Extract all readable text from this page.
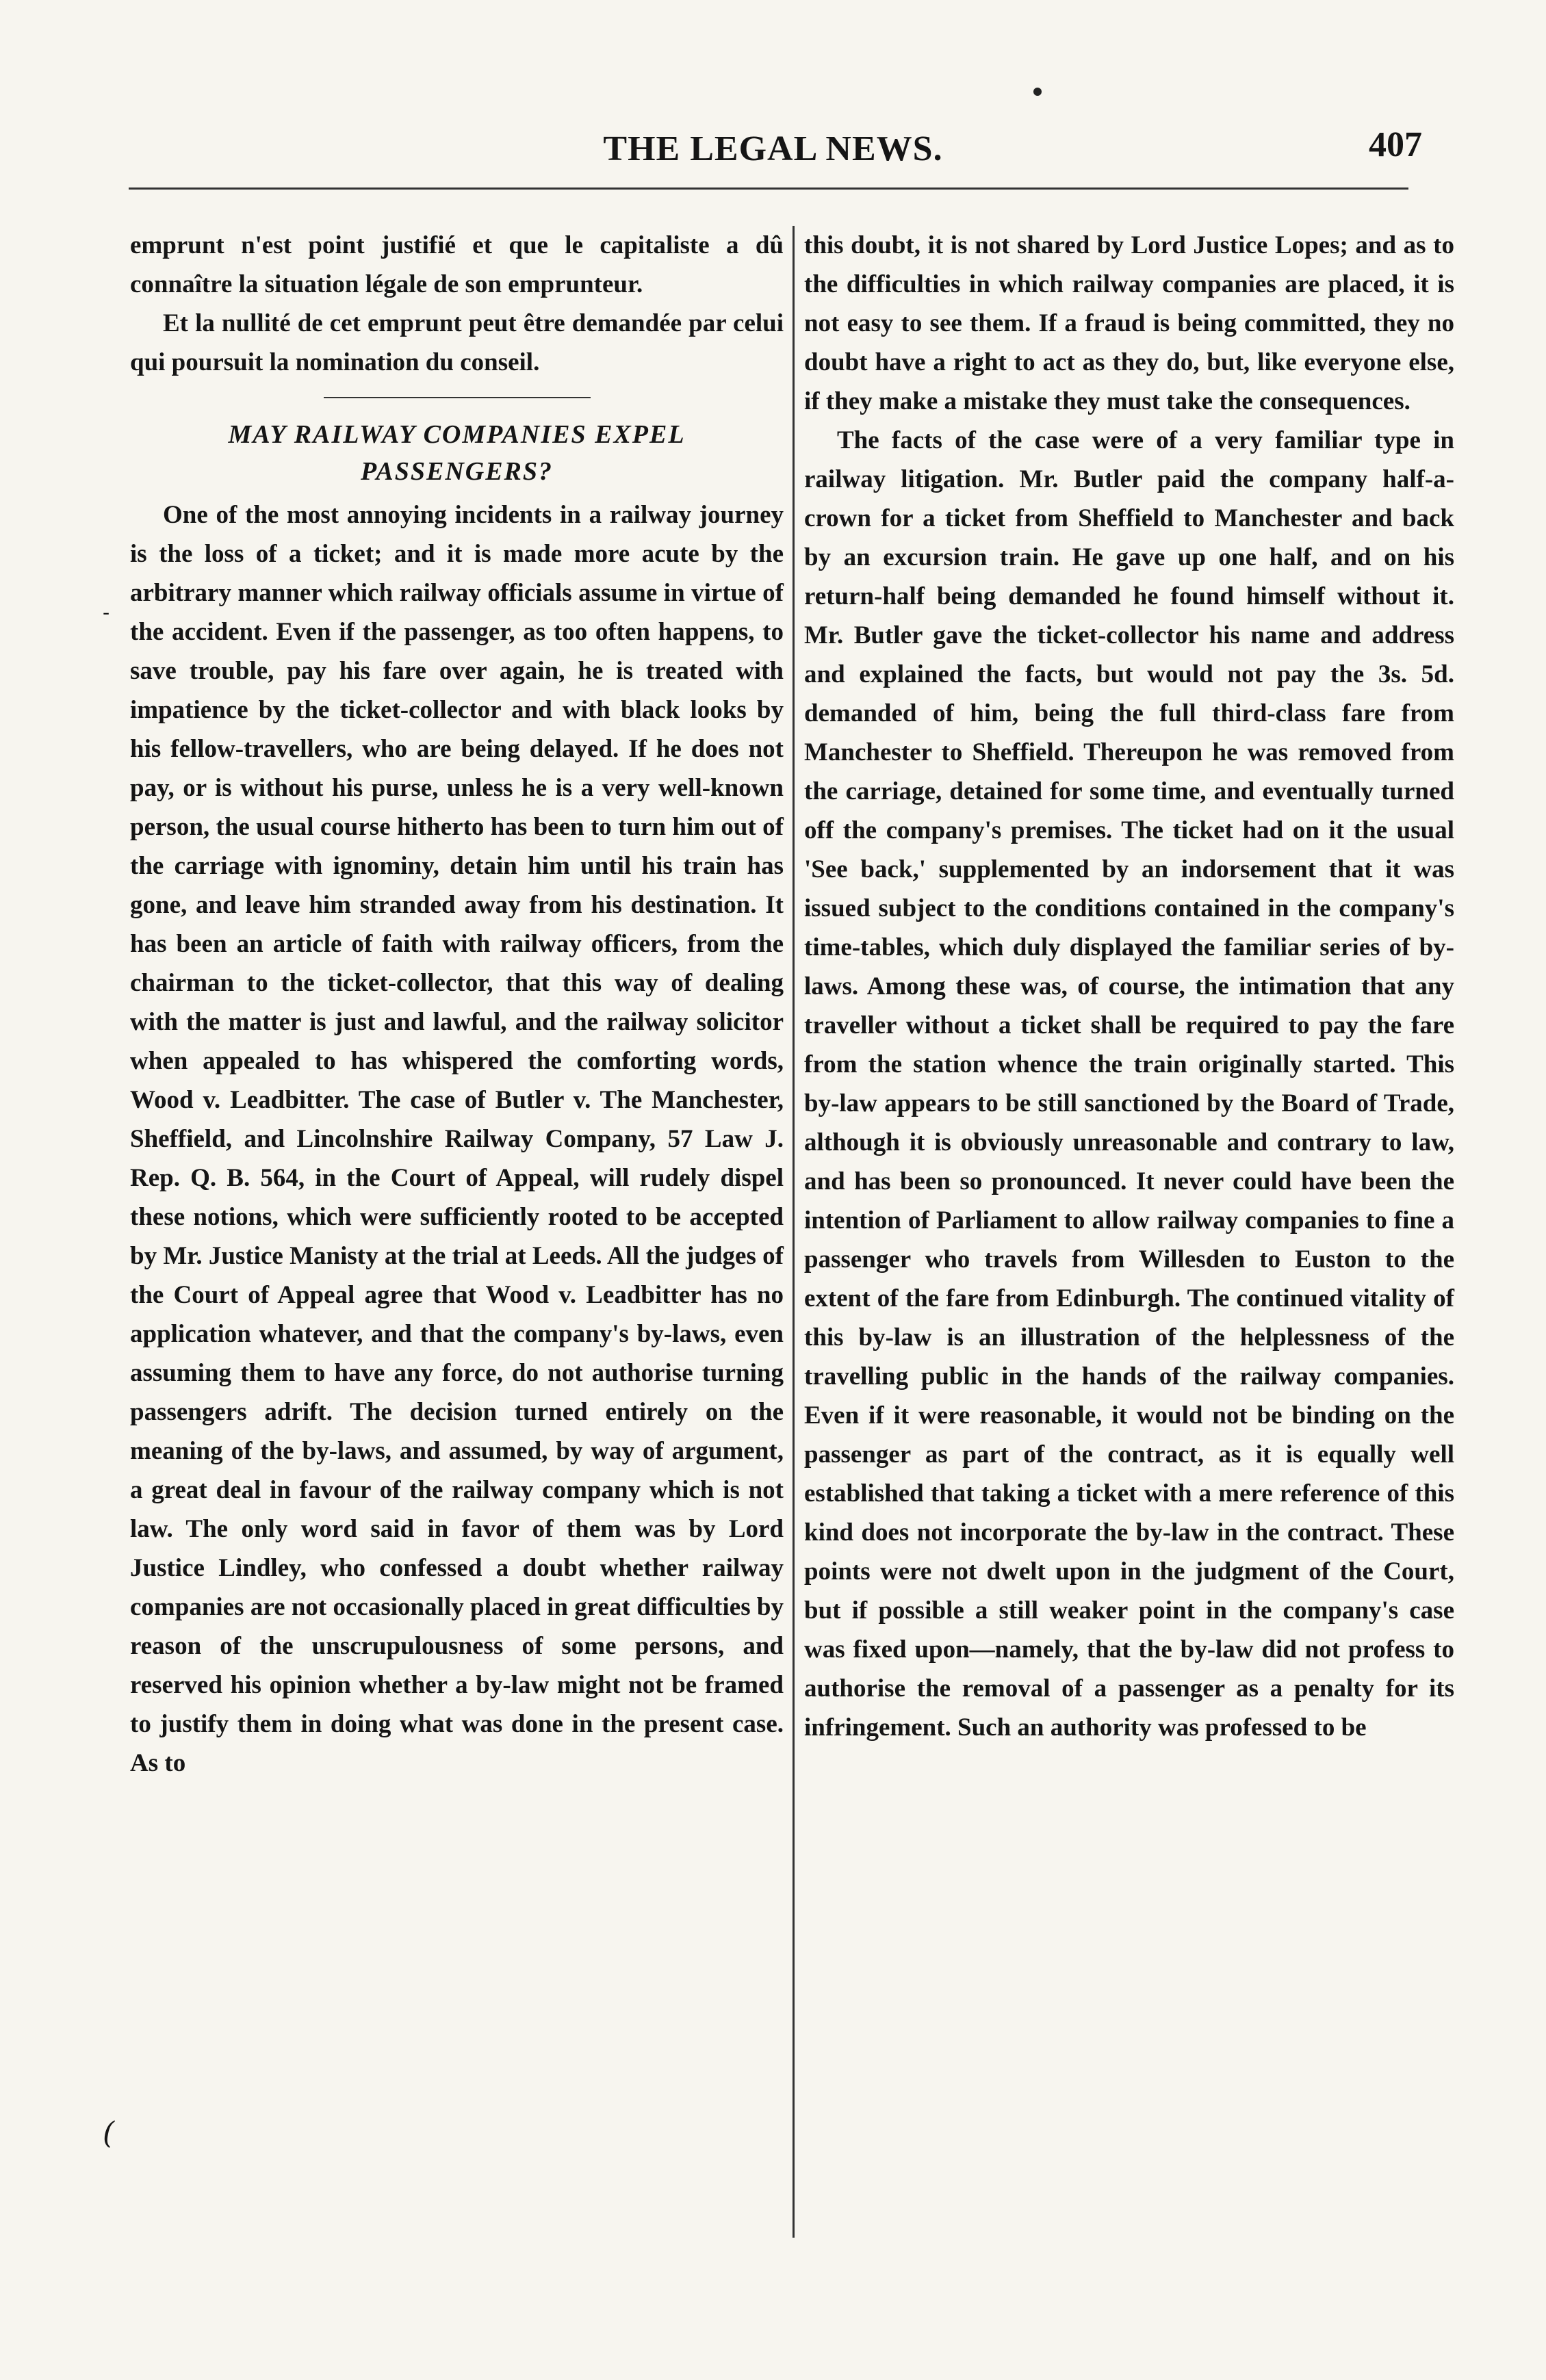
THE LEGAL NEWS.	407
-
(

emprunt n'est point justifié et que le capitaliste a dû connaître la situation légale de son emprunteur.

Et la nullité de cet emprunt peut être demandée par celui qui poursuit la nomination du conseil.

MAY RAILWAY COMPANIES EXPEL PASSENGERS?

One of the most annoying incidents in a railway journey is the loss of a ticket; and it is made more acute by the arbitrary manner which railway officials assume in virtue of the accident. Even if the passenger, as too often happens, to save trouble, pay his fare over again, he is treated with impatience by the ticket-collector and with black looks by his fellow-travellers, who are being delayed. If he does not pay, or is without his purse, unless he is a very well-known person, the usual course hitherto has been to turn him out of the carriage with ignominy, detain him until his train has gone, and leave him stranded away from his destination. It has been an article of faith with railway officers, from the chairman to the ticket-collector, that this way of dealing with the matter is just and lawful, and the railway solicitor when appealed to has whispered the comforting words, Wood v. Leadbitter. The case of Butler v. The Manchester, Sheffield, and Lincolnshire Railway Company, 57 Law J. Rep. Q. B. 564, in the Court of Appeal, will rudely dispel these notions, which were sufficiently rooted to be accepted by Mr. Justice Manisty at the trial at Leeds. All the judges of the Court of Appeal agree that Wood v. Leadbitter has no application whatever, and that the company's by-laws, even assuming them to have any force, do not authorise turning passengers adrift. The decision turned entirely on the meaning of the by-laws, and assumed, by way of argument, a great deal in favour of the railway company which is not law. The only word said in favor of them was by Lord Justice Lindley, who confessed a doubt whether railway companies are not occasionally placed in great difficulties by reason of the unscrupulousness of some persons, and reserved his opinion whether a by-law might not be framed to justify them in doing what was done in the present case. As to

this doubt, it is not shared by Lord Justice Lopes; and as to the difficulties in which railway companies are placed, it is not easy to see them. If a fraud is being committed, they no doubt have a right to act as they do, but, like everyone else, if they make a mistake they must take the consequences.

The facts of the case were of a very familiar type in railway litigation. Mr. Butler paid the company half-a-crown for a ticket from Sheffield to Manchester and back by an excursion train. He gave up one half, and on his return-half being demanded he found himself without it. Mr. Butler gave the ticket-collector his name and address and explained the facts, but would not pay the 3s. 5d. demanded of him, being the full third-class fare from Manchester to Sheffield. Thereupon he was removed from the carriage, detained for some time, and eventually turned off the company's premises. The ticket had on it the usual 'See back,' supplemented by an indorsement that it was issued subject to the conditions contained in the company's time-tables, which duly displayed the familiar series of by-laws. Among these was, of course, the intimation that any traveller without a ticket shall be required to pay the fare from the station whence the train originally started. This by-law appears to be still sanctioned by the Board of Trade, although it is obviously unreasonable and contrary to law, and has been so pronounced. It never could have been the intention of Parliament to allow railway companies to fine a passenger who travels from Willesden to Euston to the extent of the fare from Edinburgh. The continued vitality of this by-law is an illustration of the helplessness of the travelling public in the hands of the railway companies. Even if it were reasonable, it would not be binding on the passenger as part of the contract, as it is equally well established that taking a ticket with a mere reference of this kind does not incorporate the by-law in the contract. These points were not dwelt upon in the judgment of the Court, but if possible a still weaker point in the company's case was fixed upon—namely, that the by-law did not profess to authorise the removal of a passenger as a penalty for its infringement. Such an authority was professed to be
